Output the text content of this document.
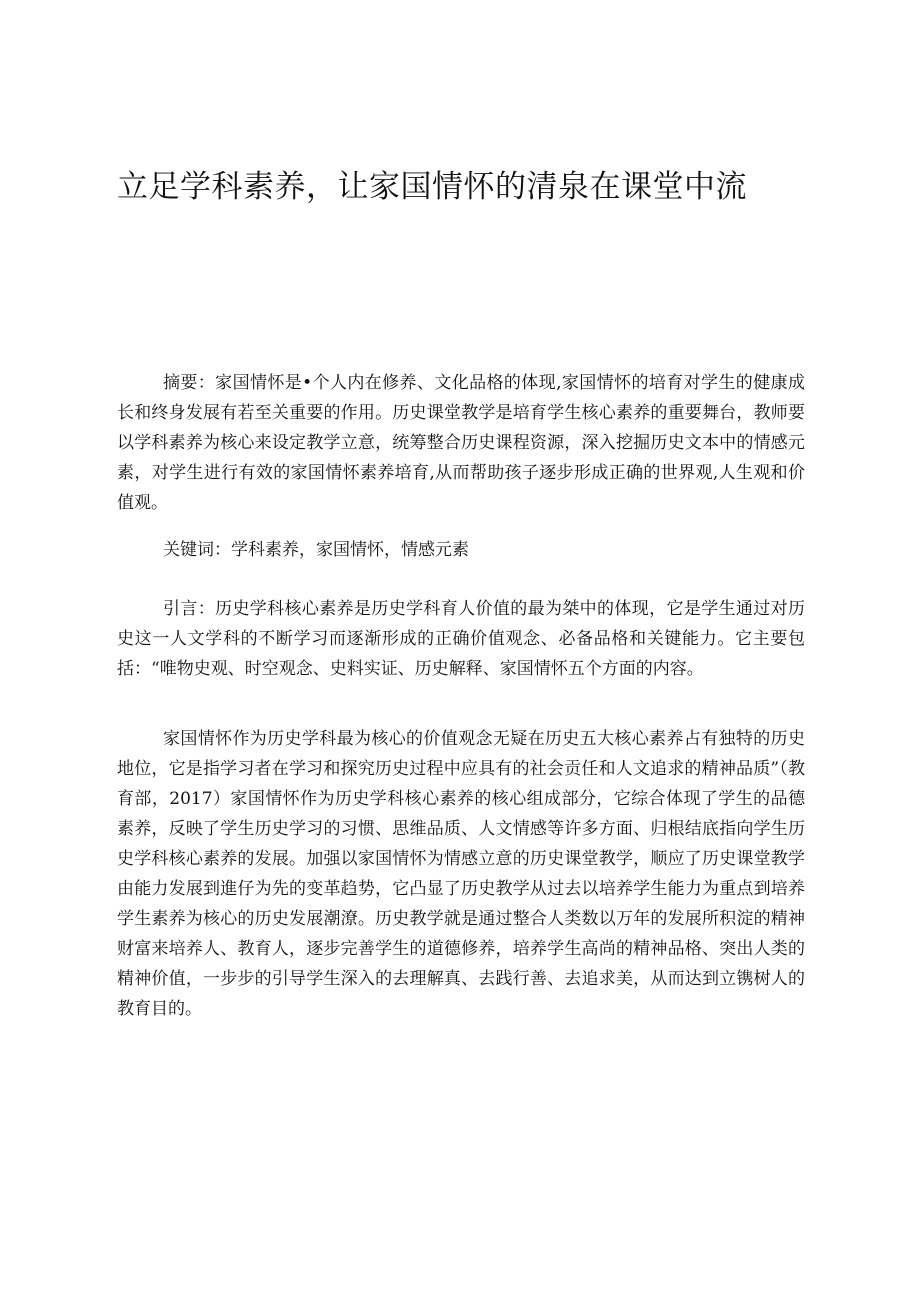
立足学科素养，让家国情怀的清泉在课堂中流

摘要：家国情怀是•个人内在修养、文化品格的体现,家国情怀的培育对学生的健康成长和终身发展有若至关重要的作用。历史课堂教学是培育学生核心素养的重要舞台，教师要以学科素养为核心来设定教学立意，统筹整合历史课程资源，深入挖掘历史文本中的情感元素，对学生进行有效的家国情怀素养培育,从而帮助孩子逐步形成正确的世界观,人生观和价值观。

关键词：学科素养，家国情怀，情感元素

引言：历史学科核心素养是历史学科育人价值的最为桀中的体现，它是学生通过对历史这一人文学科的不断学习而逐渐形成的正确价值观念、必备品格和关键能力。它主要包括：“唯物史观、时空观念、史料实证、历史解释、家国情怀五个方面的内容。

家国情怀作为历史学科最为核心的价值观念无疑在历史五大核心素养占有独特的历史地位，它是指学习者在学习和探究历史过程中应具有的社会贡任和人文追求的精神品质”（教育部，2017）家国情怀作为历史学科核心素养的核心组成部分，它综合体现了学生的品德素养，反映了学生历史学习的习惯、思维品质、人文情感等许多方面、归根结底指向学生历史学科核心素养的发展。加强以家国情怀为情感立意的历史课堂教学，顺应了历史课堂教学由能力发展到進仔为先的变革趋势，它凸显了历史教学从过去以培养学生能力为重点到培养学生素养为核心的历史发展潮潦。历史教学就是通过整合人类数以万年的发展所积淀的精神财富来培养人、教育人，逐步完善学生的道德修养，培养学生高尚的精神品格、突出人类的精神价值，一步步的引导学生深入的去理解真、去践行善、去追求美，从而达到立镌树人的教育目的。
